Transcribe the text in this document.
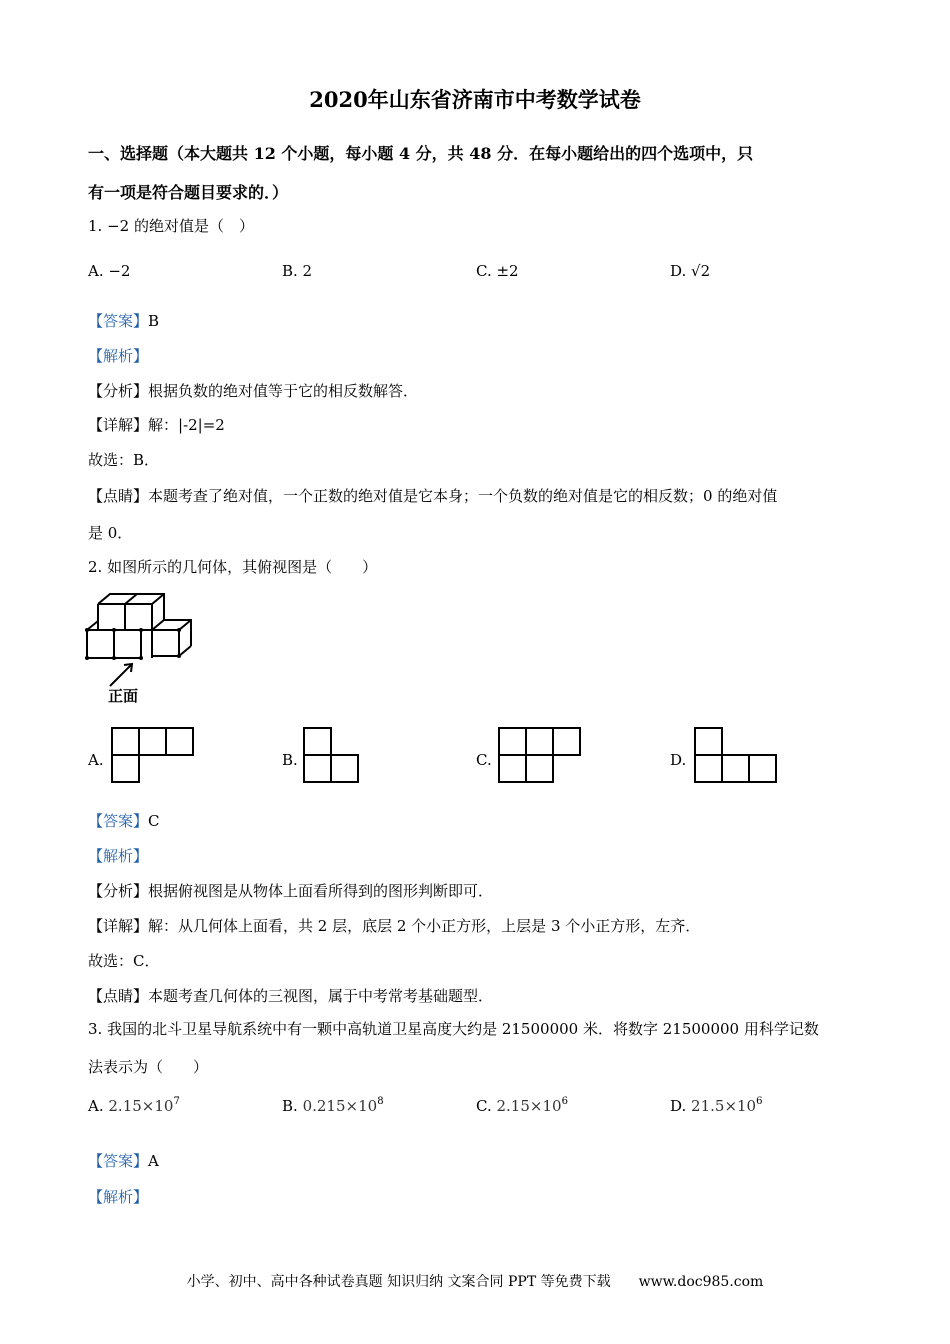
2020年山东省济南市中考数学试卷
一、选择题（本大题共 12 个小题，每小题 4 分，共 48 分．在每小题给出的四个选项中，只
有一项是符合题目要求的．）
1. −2 的绝对值是（　）
A. −2	B. 2	C. ±2	D. √2
【答案】B
【解析】
【分析】根据负数的绝对值等于它的相反数解答．
【详解】解：|-2|=2
故选：B．
【点睛】本题考查了绝对值，一个正数的绝对值是它本身；一个负数的绝对值是它的相反数；0 的绝对值
是 0．
2. 如图所示的几何体，其俯视图是（　　）
正面
A.	B.	C.	D.
【答案】C
【解析】
【分析】根据俯视图是从物体上面看所得到的图形判断即可．
【详解】解：从几何体上面看，共 2 层，底层 2 个小正方形，上层是 3 个小正方形，左齐．
故选：C．
【点睛】本题考查几何体的三视图，属于中考常考基础题型．
3. 我国的北斗卫星导航系统中有一颗中高轨道卫星高度大约是 21500000 米．将数字 21500000 用科学记数
法表示为（　　）
A. $2.15\times 10^7$	B. $0.215\times 10^8$	C. $2.15\times 10^6$	D. $21.5\times 10^6$
【答案】A
【解析】
小学、初中、高中各种试卷真题 知识归纳 文案合同 PPT 等免费下载　　www.doc985.com
